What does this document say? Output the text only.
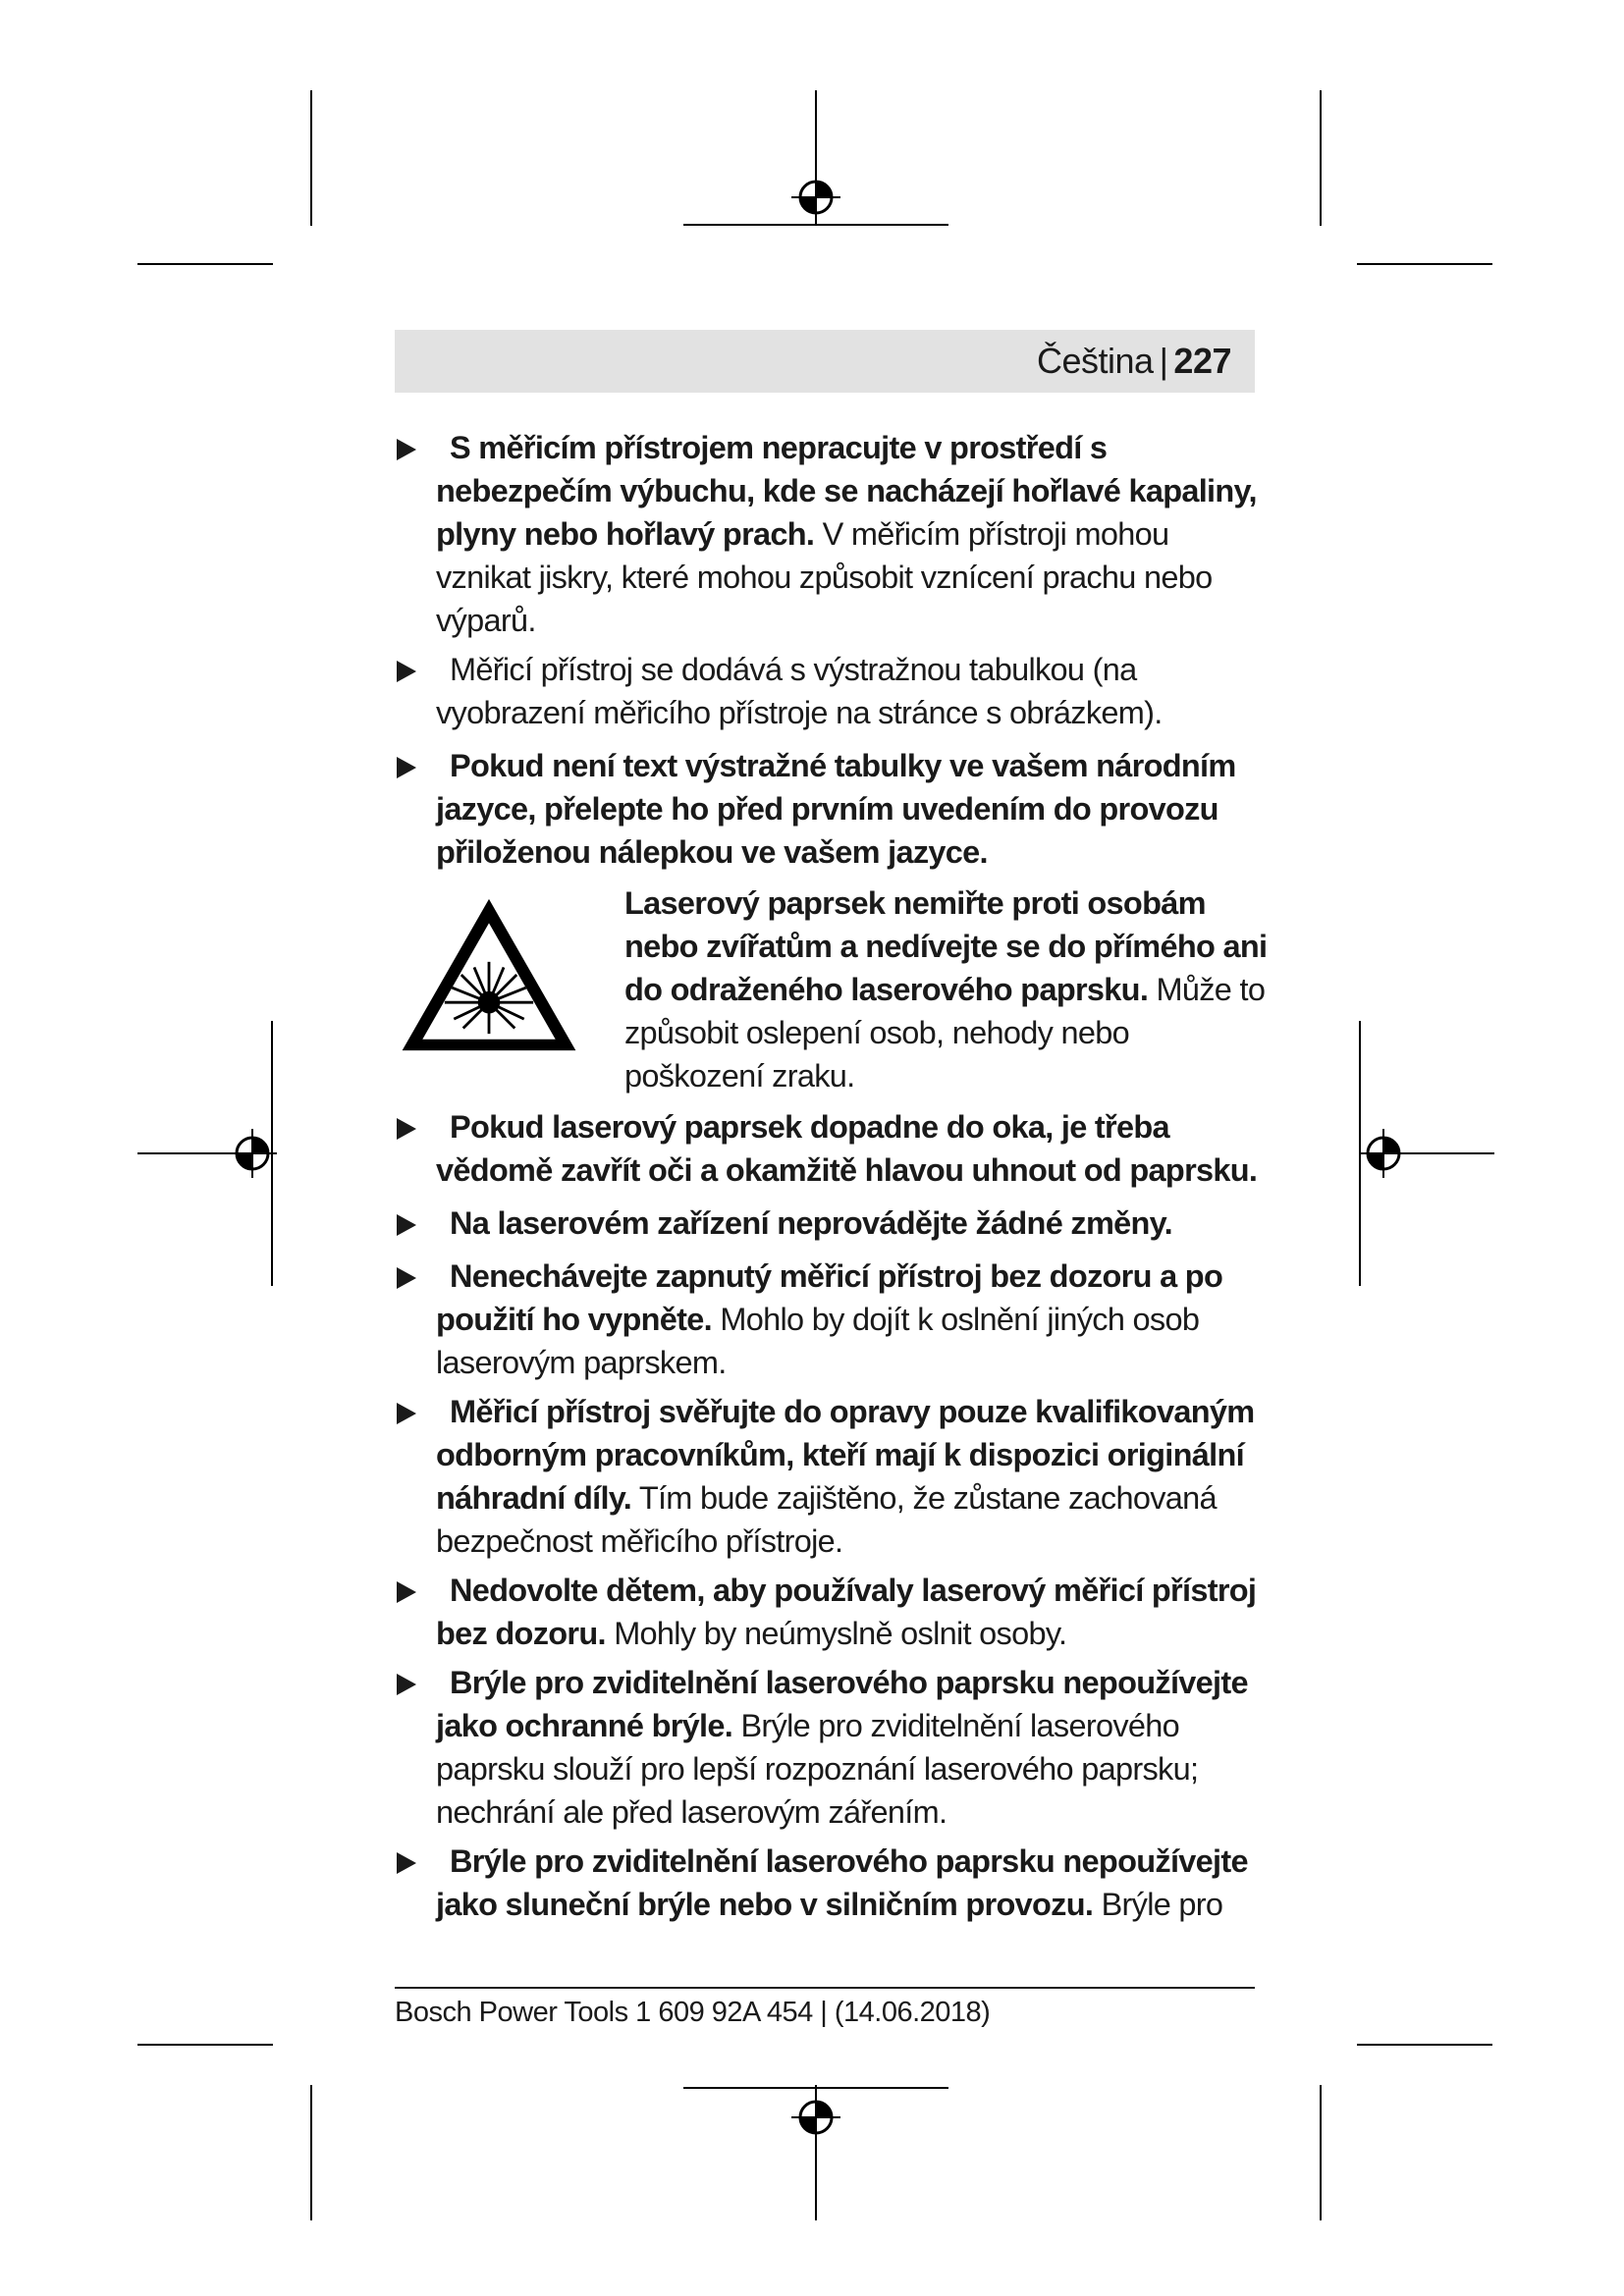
Čeština | 227
S měřicím přístrojem nepracujte v prostředí s nebezpečím výbuchu, kde se nacházejí hořlavé kapaliny, plyny nebo hořlavý prach. V měřicím přístroji mohou vznikat jiskry, které mohou způsobit vznícení prachu nebo výparů.
Měřicí přístroj se dodává s výstražnou tabulkou (na vyobrazení měřicího přístroje na stránce s obrázkem).
Pokud není text výstražné tabulky ve vašem národním jazyce, přelepte ho před prvním uvedením do provozu přiloženou nálepkou ve vašem jazyce.
Laserový paprsek nemiřte proti osobám nebo zvířatům a nedívejte se do přímého ani do odraženého laserového paprsku. Může to způsobit oslepení osob, nehody nebo poškození zraku.
Pokud laserový paprsek dopadne do oka, je třeba vědomě zavřít oči a okamžitě hlavou uhnout od paprsku.
Na laserovém zařízení neprovádějte žádné změny.
Nenechávejte zapnutý měřicí přístroj bez dozoru a po použití ho vypněte. Mohlo by dojít k oslnění jiných osob laserovým paprskem.
Měřicí přístroj svěřujte do opravy pouze kvalifikovaným odborným pracovníkům, kteří mají k dispozici originální náhradní díly. Tím bude zajištěno, že zůstane zachovaná bezpečnost měřicího přístroje.
Nedovolte dětem, aby používaly laserový měřicí přístroj bez dozoru. Mohly by neúmyslně oslnit osoby.
Brýle pro zviditelnění laserového paprsku nepoužívejte jako ochranné brýle. Brýle pro zviditelnění laserového paprsku slouží pro lepší rozpoznání laserového paprsku; nechrání ale před laserovým zářením.
Brýle pro zviditelnění laserového paprsku nepoužívejte jako sluneční brýle nebo v silničním provozu. Brýle pro
Bosch Power Tools 1 609 92A 454 | (14.06.2018)
